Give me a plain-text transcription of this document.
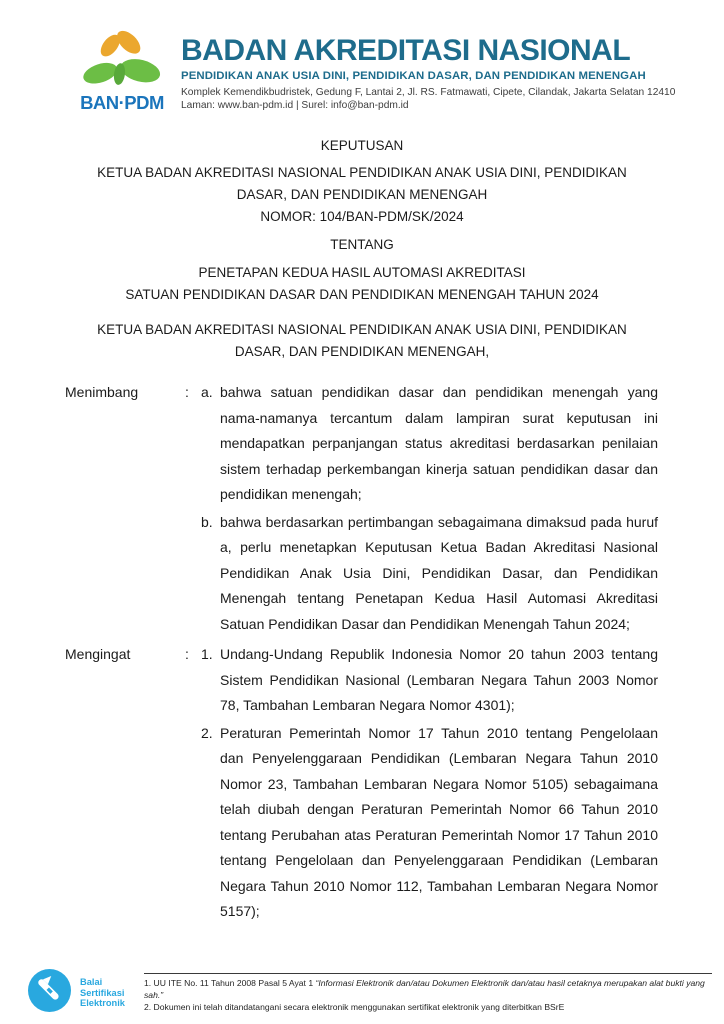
BAN·PDM
BADAN AKREDITASI NASIONAL
PENDIDIKAN ANAK USIA DINI, PENDIDIKAN DASAR, DAN PENDIDIKAN MENENGAH
Komplek Kemendikbudristek, Gedung F, Lantai 2, Jl. RS. Fatmawati, Cipete, Cilandak, Jakarta Selatan 12410
Laman: www.ban-pdm.id | Surel: info@ban-pdm.id
KEPUTUSAN
KETUA BADAN AKREDITASI NASIONAL PENDIDIKAN ANAK USIA DINI, PENDIDIKAN
DASAR, DAN PENDIDIKAN MENENGAH
NOMOR: 104/BAN-PDM/SK/2024
TENTANG
PENETAPAN KEDUA HASIL AUTOMASI AKREDITASI
SATUAN PENDIDIKAN DASAR DAN PENDIDIKAN MENENGAH TAHUN 2024
KETUA BADAN AKREDITASI NASIONAL PENDIDIKAN ANAK USIA DINI, PENDIDIKAN
DASAR, DAN PENDIDIKAN MENENGAH,
Menimbang	: a. bahwa satuan pendidikan dasar dan pendidikan menengah yang nama-namanya tercantum dalam lampiran surat keputusan ini mendapatkan perpanjangan status akreditasi berdasarkan penilaian sistem terhadap perkembangan kinerja satuan pendidikan dasar dan pendidikan menengah;
b. bahwa berdasarkan pertimbangan sebagaimana dimaksud pada huruf a, perlu menetapkan Keputusan Ketua Badan Akreditasi Nasional Pendidikan Anak Usia Dini, Pendidikan Dasar, dan Pendidikan Menengah tentang Penetapan Kedua Hasil Automasi Akreditasi Satuan Pendidikan Dasar dan Pendidikan Menengah Tahun 2024;
Mengingat	: 1. Undang-Undang Republik Indonesia Nomor 20 tahun 2003 tentang Sistem Pendidikan Nasional (Lembaran Negara Tahun 2003 Nomor 78, Tambahan Lembaran Negara Nomor 4301);
2. Peraturan Pemerintah Nomor 17 Tahun 2010 tentang Pengelolaan dan Penyelenggaraan Pendidikan (Lembaran Negara Tahun 2010 Nomor 23, Tambahan Lembaran Negara Nomor 5105) sebagaimana telah diubah dengan Peraturan Pemerintah Nomor 66 Tahun 2010 tentang Perubahan atas Peraturan Pemerintah Nomor 17 Tahun 2010 tentang Pengelolaan dan Penyelenggaraan Pendidikan (Lembaran Negara Tahun 2010 Nomor 112, Tambahan Lembaran Negara Nomor 5157);
Balai
Sertifikasi
Elektronik
1. UU ITE No. 11 Tahun 2008 Pasal 5 Ayat 1 “Informasi Elektronik dan/atau Dokumen Elektronik dan/atau hasil cetaknya merupakan alat bukti yang sah.”
2. Dokumen ini telah ditandatangani secara elektronik menggunakan sertifikat elektronik yang diterbitkan BSrE
